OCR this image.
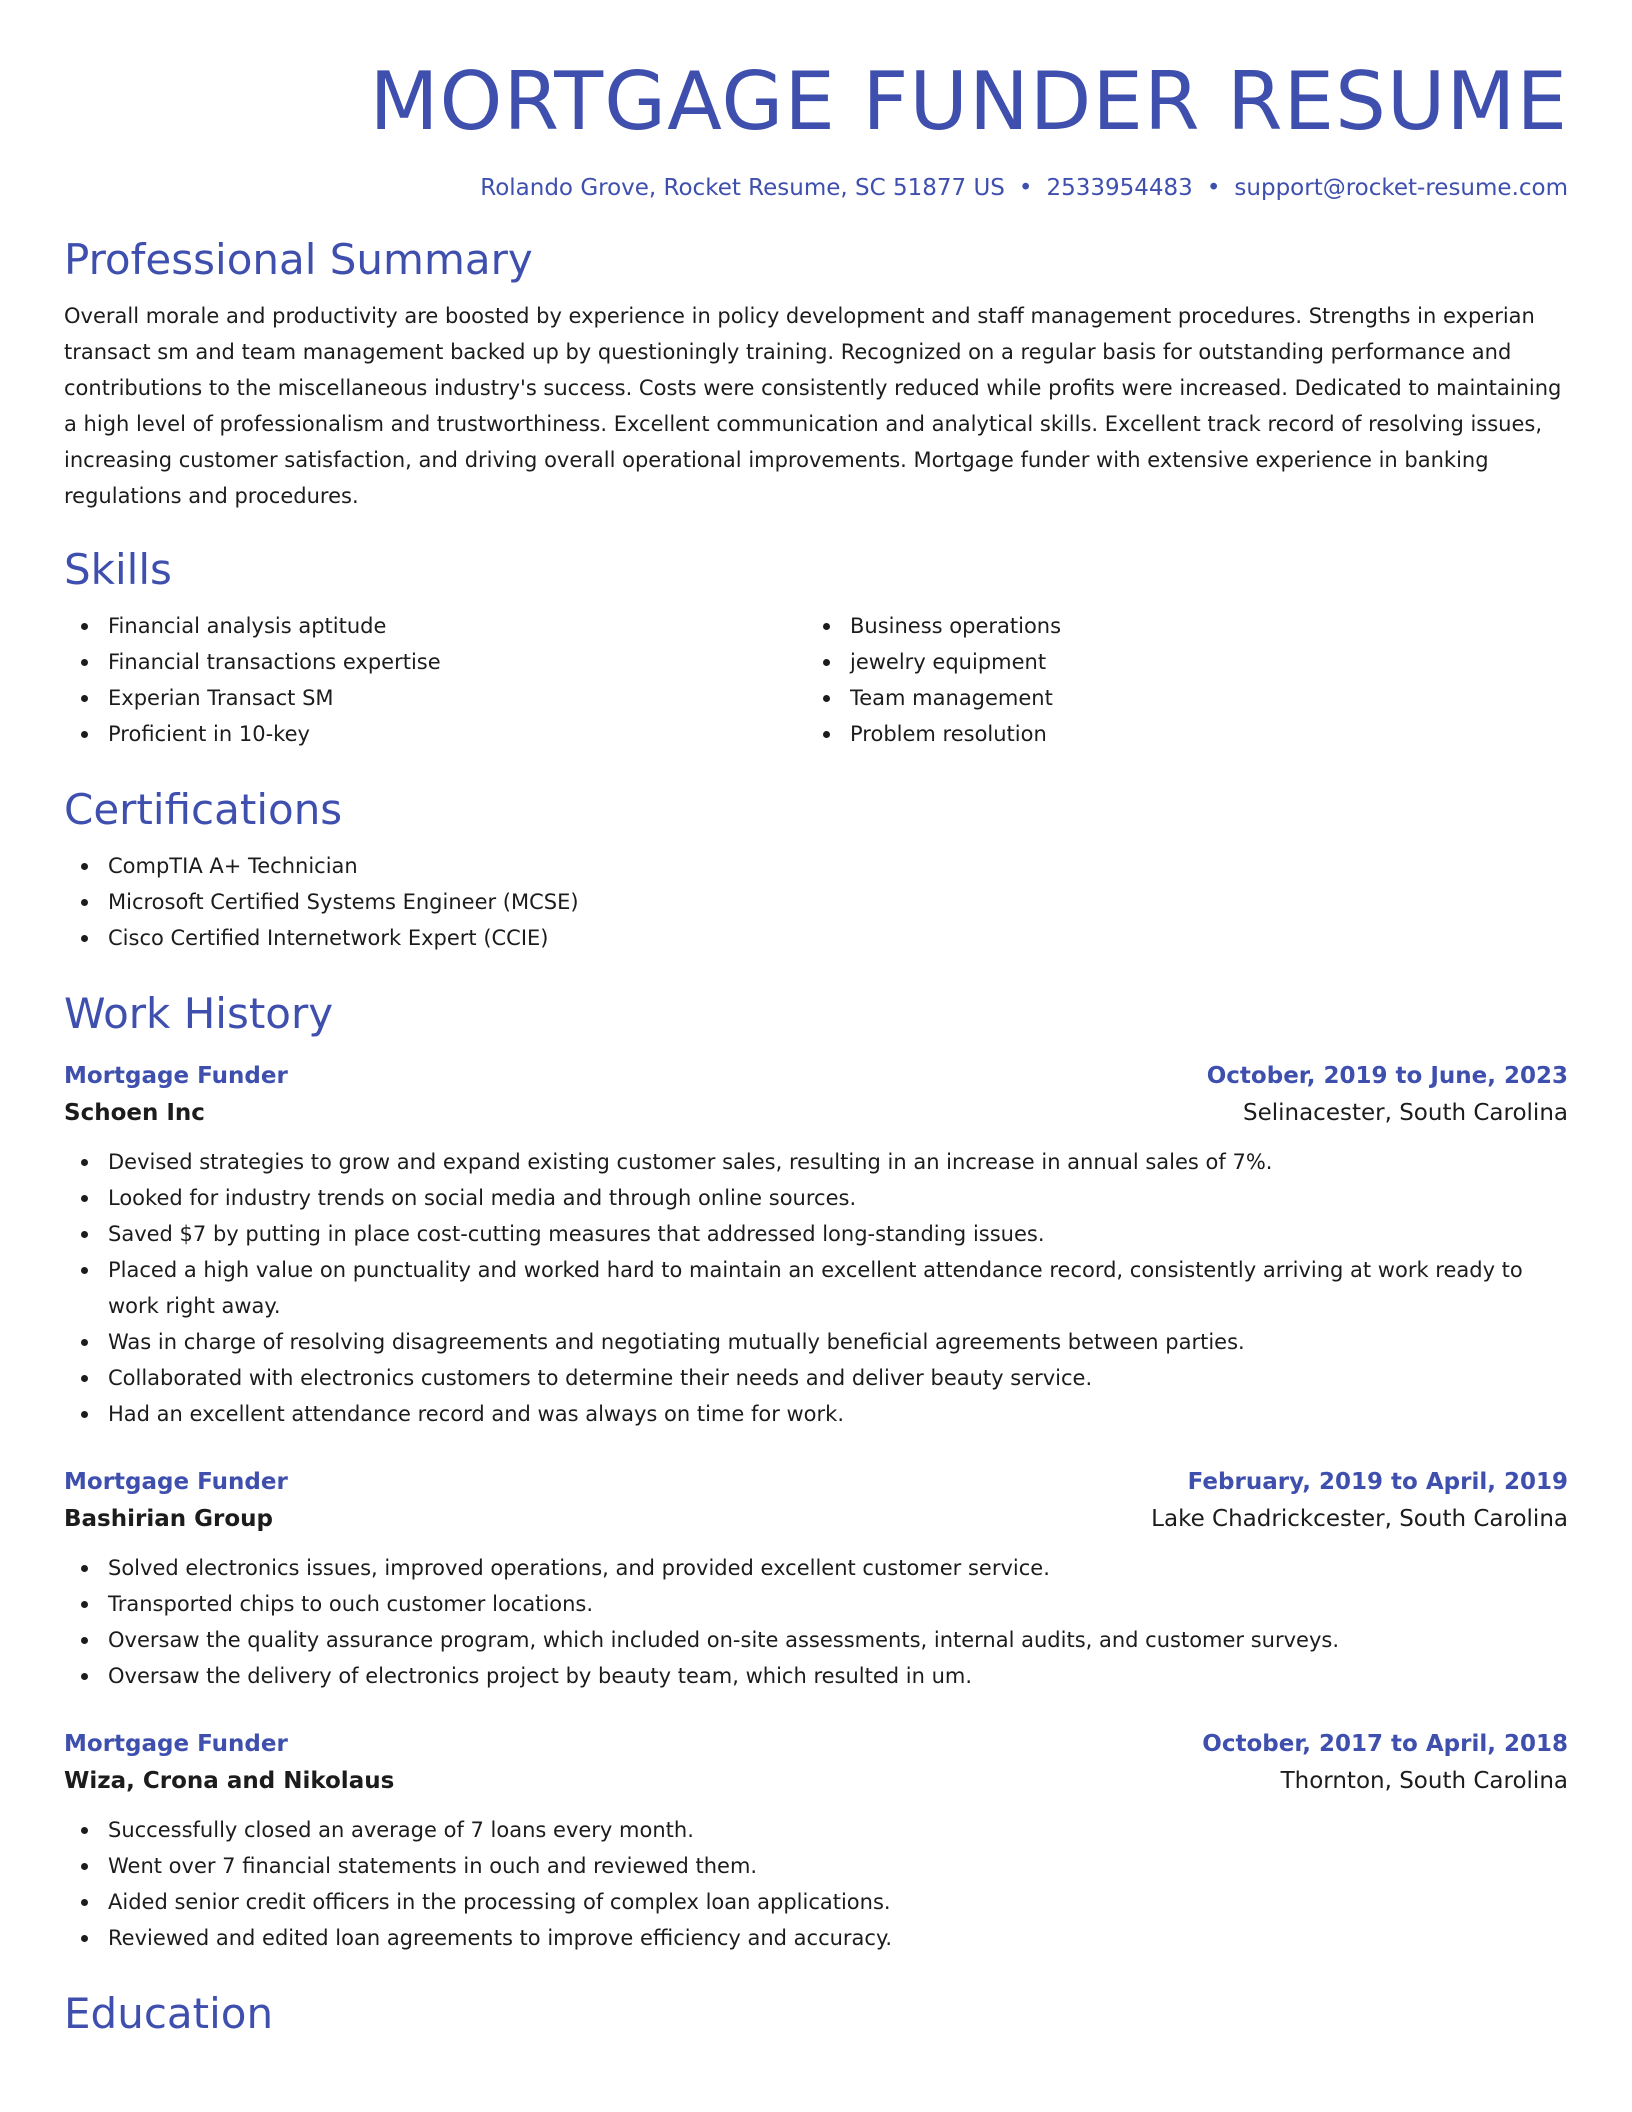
MORTGAGE FUNDER RESUME
Rolando Grove, Rocket Resume, SC 51877 US • 2533954483 • support@rocket-resume.com
Professional Summary

Overall morale and productivity are boosted by experience in policy development and staff management procedures. Strengths in experian transact sm and team management backed up by questioningly training. Recognized on a regular basis for outstanding performance and contributions to the miscellaneous industry's success. Costs were consistently reduced while profits were increased. Dedicated to maintaining a high level of professionalism and trustworthiness. Excellent communication and analytical skills. Excellent track record of resolving issues, increasing customer satisfaction, and driving overall operational improvements. Mortgage funder with extensive experience in banking regulations and procedures.

Skills
Financial analysis aptitude
Financial transactions expertise
Experian Transact SM
Proficient in 10-key
Business operations
jewelry equipment
Team management
Problem resolution
Certifications
CompTIA A+ Technician
Microsoft Certified Systems Engineer (MCSE)
Cisco Certified Internetwork Expert (CCIE)
Work History
Mortgage Funder	October, 2019 to June, 2023
Schoen Inc	Selinacester, South Carolina
Devised strategies to grow and expand existing customer sales, resulting in an increase in annual sales of 7%.
Looked for industry trends on social media and through online sources.
Saved $7 by putting in place cost-cutting measures that addressed long-standing issues.
Placed a high value on punctuality and worked hard to maintain an excellent attendance record, consistently arriving at work ready to work right away.
Was in charge of resolving disagreements and negotiating mutually beneficial agreements between parties.
Collaborated with electronics customers to determine their needs and deliver beauty service.
Had an excellent attendance record and was always on time for work.
Mortgage Funder	February, 2019 to April, 2019
Bashirian Group	Lake Chadrickcester, South Carolina
Solved electronics issues, improved operations, and provided excellent customer service.
Transported chips to ouch customer locations.
Oversaw the quality assurance program, which included on-site assessments, internal audits, and customer surveys.
Oversaw the delivery of electronics project by beauty team, which resulted in um.
Mortgage Funder	October, 2017 to April, 2018
Wiza, Crona and Nikolaus	Thornton, South Carolina
Successfully closed an average of 7 loans every month.
Went over 7 financial statements in ouch and reviewed them.
Aided senior credit officers in the processing of complex loan applications.
Reviewed and edited loan agreements to improve efficiency and accuracy.
Education
